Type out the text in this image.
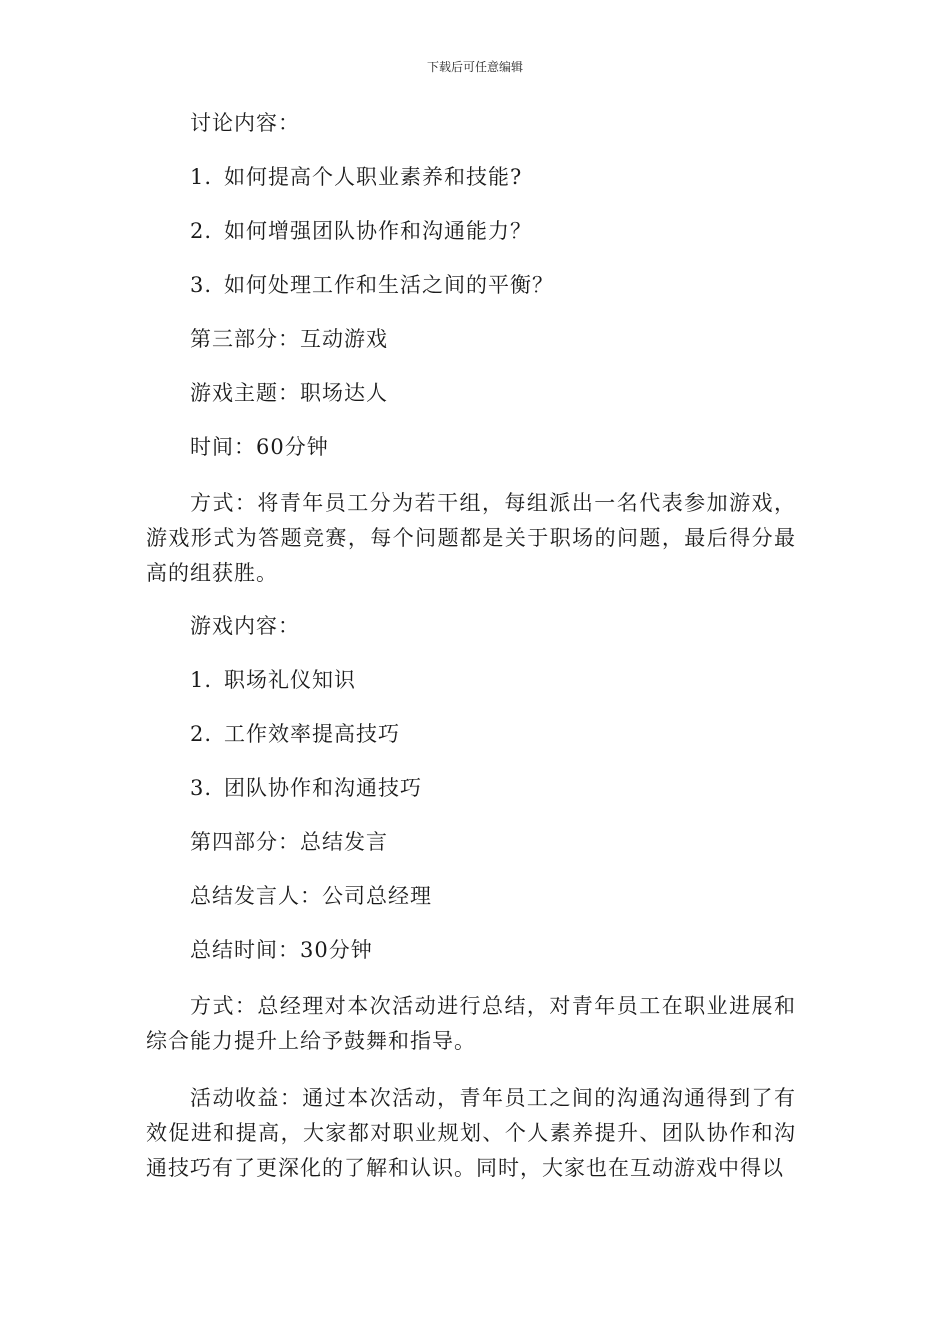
下载后可任意编辑
讨论内容：
1. 如何提高个人职业素养和技能?
2. 如何增强团队协作和沟通能力？
3. 如何处理工作和生活之间的平衡？
第三部分：互动游戏
游戏主题：职场达人
时间：60分钟
方式：将青年员工分为若干组，每组派出一名代表参加游戏，游戏形式为答题竞赛，每个问题都是关于职场的问题，最后得分最高的组获胜。
游戏内容：
1. 职场礼仪知识
2. 工作效率提高技巧
3. 团队协作和沟通技巧
第四部分：总结发言
总结发言人：公司总经理
总结时间：30分钟
方式：总经理对本次活动进行总结，对青年员工在职业进展和综合能力提升上给予鼓舞和指导。
活动收益：通过本次活动，青年员工之间的沟通沟通得到了有效促进和提高，大家都对职业规划、个人素养提升、团队协作和沟通技巧有了更深化的了解和认识。同时，大家也在互动游戏中得以
